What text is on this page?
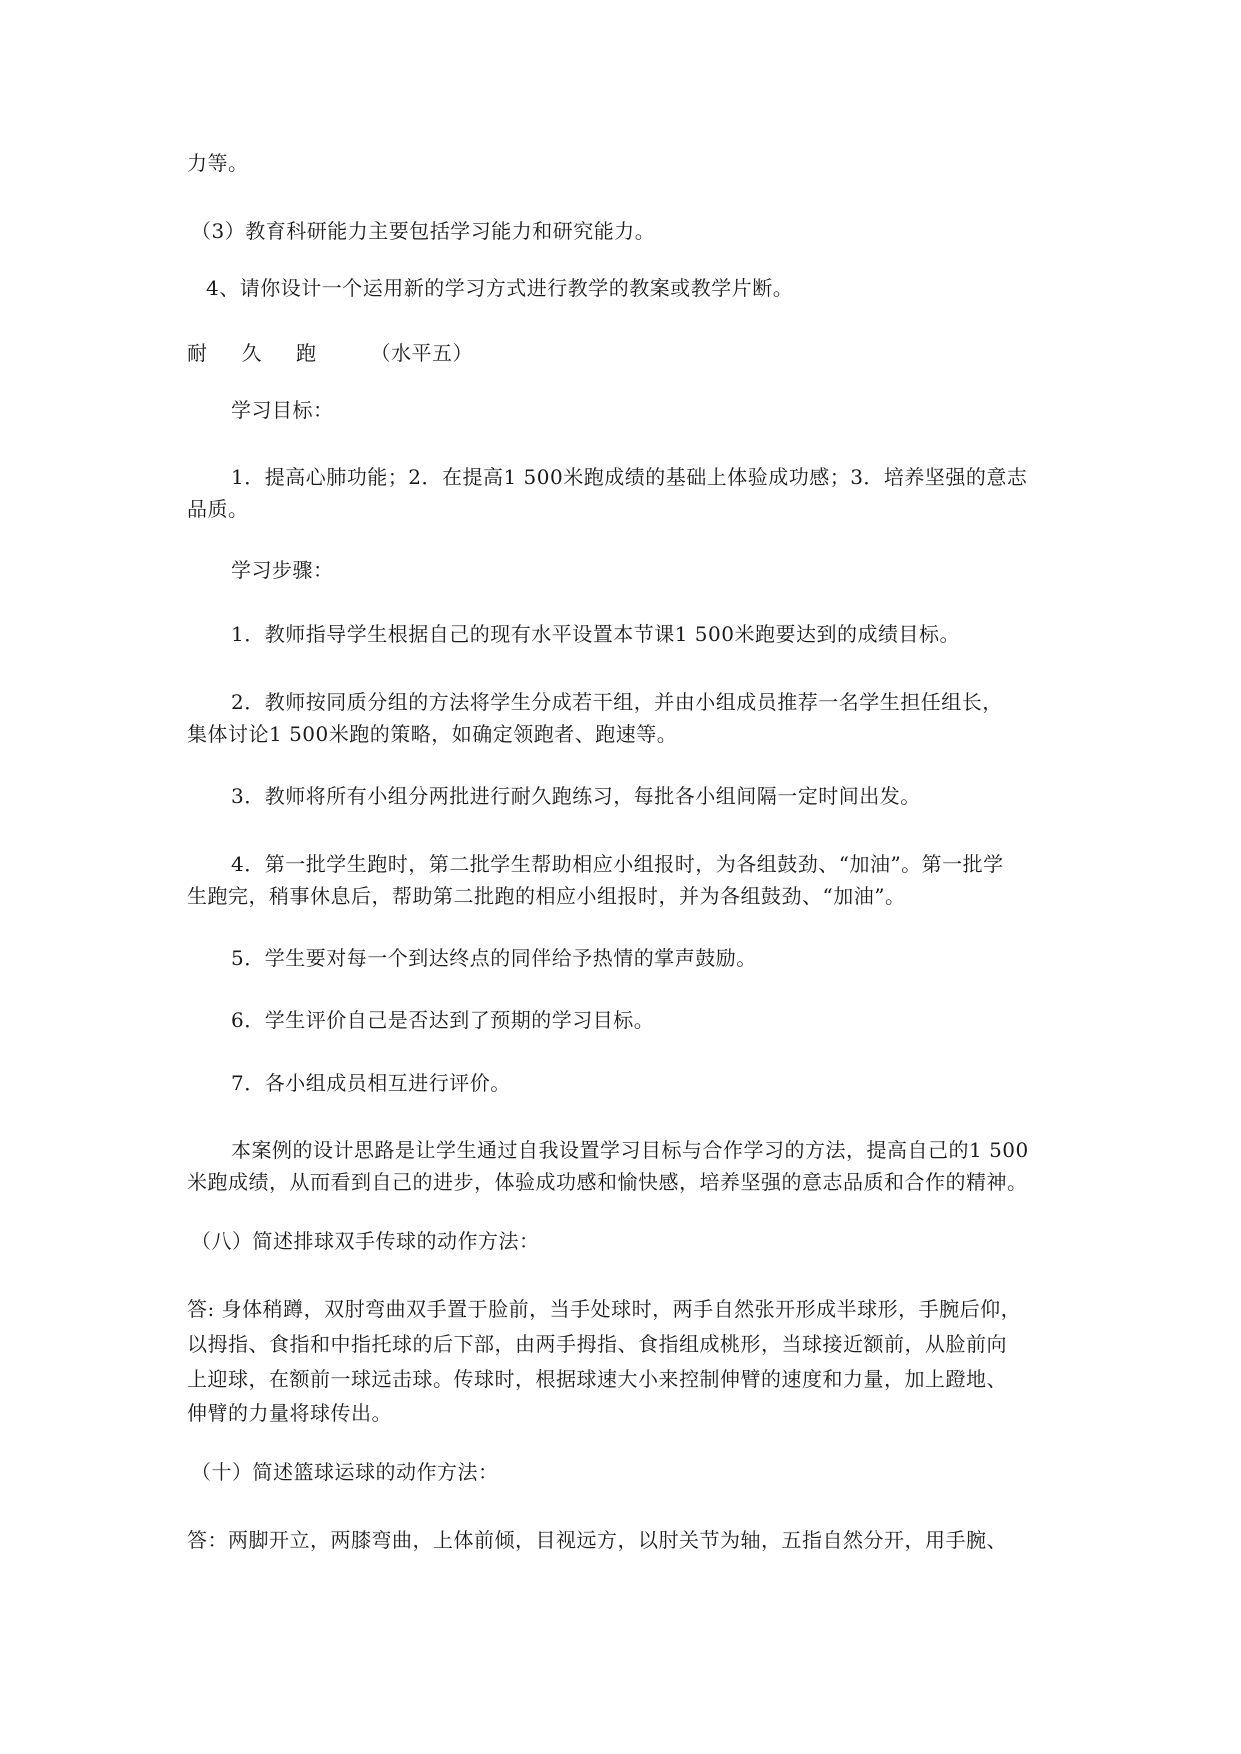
力等。
（3）教育科研能力主要包括学习能力和研究能力。
4、请你设计一个运用新的学习方式进行教学的教案或教学片断。
耐 久 跑	（水平五）
学习目标：
1．提高心肺功能；2．在提高1 500米跑成绩的基础上体验成功感；3．培养坚强的意志
品质。
学习步骤：
1．教师指导学生根据自己的现有水平设置本节课1 500米跑要达到的成绩目标。
2．教师按同质分组的方法将学生分成若干组，并由小组成员推荐一名学生担任组长，
集体讨论1 500米跑的策略，如确定领跑者、跑速等。
3．教师将所有小组分两批进行耐久跑练习，每批各小组间隔一定时间出发。
4．第一批学生跑时，第二批学生帮助相应小组报时，为各组鼓劲、“加油”。第一批学
生跑完，稍事休息后，帮助第二批跑的相应小组报时，并为各组鼓劲、“加油”。
5．学生要对每一个到达终点的同伴给予热情的掌声鼓励。
6．学生评价自己是否达到了预期的学习目标。
7．各小组成员相互进行评价。
本案例的设计思路是让学生通过自我设置学习目标与合作学习的方法，提高自己的1 500
米跑成绩，从而看到自己的进步，体验成功感和愉快感，培养坚强的意志品质和合作的精神。
（八）简述排球双手传球的动作方法：
答: 身体稍蹲，双肘弯曲双手置于脸前，当手处球时，两手自然张开形成半球形，手腕后仰，
以拇指、食指和中指托球的后下部，由两手拇指、食指组成桃形，当球接近额前，从脸前向
上迎球，在额前一球远击球。传球时，根据球速大小来控制伸臂的速度和力量，加上蹬地、
伸臂的力量将球传出。
（十）简述篮球运球的动作方法：
答：两脚开立，两膝弯曲，上体前倾，目视远方，以肘关节为轴，五指自然分开，用手腕、
